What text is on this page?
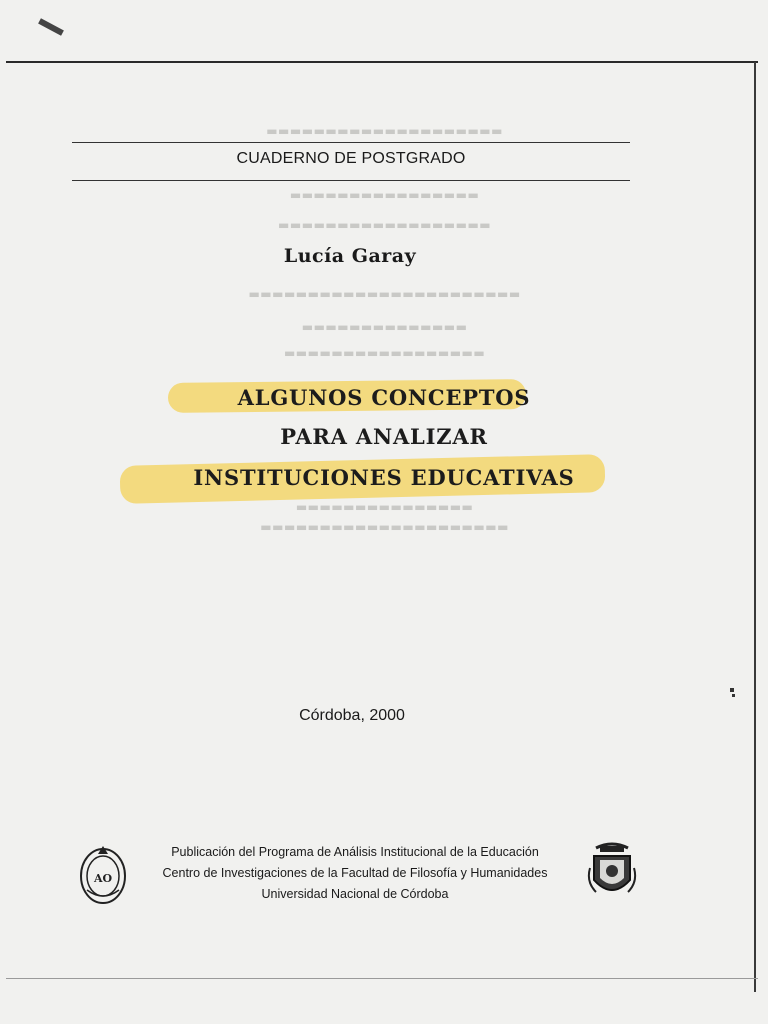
▬▬▬▬▬▬▬▬▬▬▬▬▬▬▬▬▬▬▬▬
▬▬▬▬▬▬▬▬▬▬▬▬▬▬▬▬
▬▬▬▬▬▬▬▬▬▬▬▬▬▬▬▬▬▬
▬▬▬▬▬▬▬▬▬▬▬▬▬▬▬▬▬▬▬▬▬▬▬
▬▬▬▬▬▬▬▬▬▬▬▬▬▬
▬▬▬▬▬▬▬▬▬▬▬▬▬▬▬▬▬
▬▬▬▬▬▬▬▬▬▬▬▬▬▬▬
▬▬▬▬▬▬▬▬▬▬▬▬▬▬▬▬▬▬▬▬▬
CUADERNO DE POSTGRADO
Lucía Garay
ALGUNOS CONCEPTOS
PARA ANALIZAR
INSTITUCIONES EDUCATIVAS
Córdoba, 2000
AO
Publicación del Programa de Análisis Institucional de la Educación
Centro de Investigaciones de la Facultad de Filosofía y Humanidades
Universidad Nacional de Córdoba
